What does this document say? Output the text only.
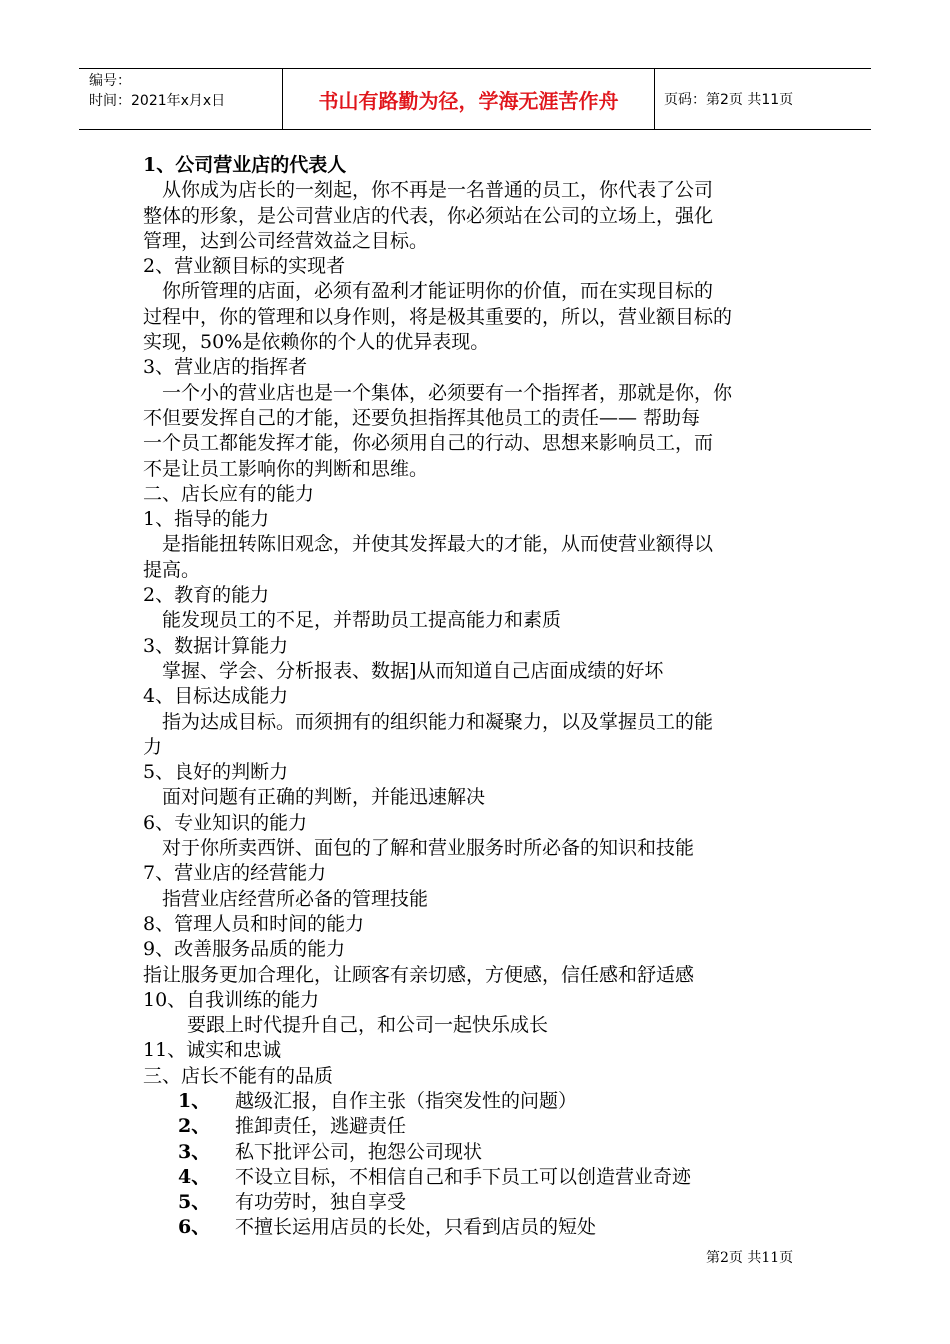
编号：
时间：2021年x月x日	书山有路勤为径，学海无涯苦作舟	页码：第2页 共11页
1、公司营业店的代表人
从你成为店长的一刻起，你不再是一名普通的员工，你代表了公司
整体的形象，是公司营业店的代表，你必须站在公司的立场上，强化
管理，达到公司经营效益之目标。
2、营业额目标的实现者
你所管理的店面，必须有盈利才能证明你的价值，而在实现目标的
过程中，你的管理和以身作则，将是极其重要的，所以，营业额目标的
实现，50%是依赖你的个人的优异表现。
3、营业店的指挥者
一个小的营业店也是一个集体，必须要有一个指挥者，那就是你，你
不但要发挥自己的才能，还要负担指挥其他员工的责任—— 帮助每
一个员工都能发挥才能，你必须用自己的行动、思想来影响员工，而
不是让员工影响你的判断和思维。
二、店长应有的能力
1、指导的能力
是指能扭转陈旧观念，并使其发挥最大的才能，从而使营业额得以
提高。
2、教育的能力
能发现员工的不足，并帮助员工提高能力和素质
3、数据计算能力
掌握、学会、分析报表、数据]从而知道自己店面成绩的好坏
4、目标达成能力
指为达成目标。而须拥有的组织能力和凝聚力，以及掌握员工的能
力
5、良好的判断力
面对问题有正确的判断，并能迅速解决
6、专业知识的能力
对于你所卖西饼、面包的了解和营业服务时所必备的知识和技能
7、营业店的经营能力
指营业店经营所必备的管理技能
8、管理人员和时间的能力
9、改善服务品质的能力
指让服务更加合理化，让顾客有亲切感，方便感，信任感和舒适感
10、自我训练的能力
要跟上时代提升自己，和公司一起快乐成长
11、诚实和忠诚
三、店长不能有的品质
1、	越级汇报，自作主张（指突发性的问题）
2、	推卸责任，逃避责任
3、	私下批评公司，抱怨公司现状
4、	不设立目标，不相信自己和手下员工可以创造营业奇迹
5、	有功劳时，独自享受
6、	不擅长运用店员的长处，只看到店员的短处
第2页 共11页
